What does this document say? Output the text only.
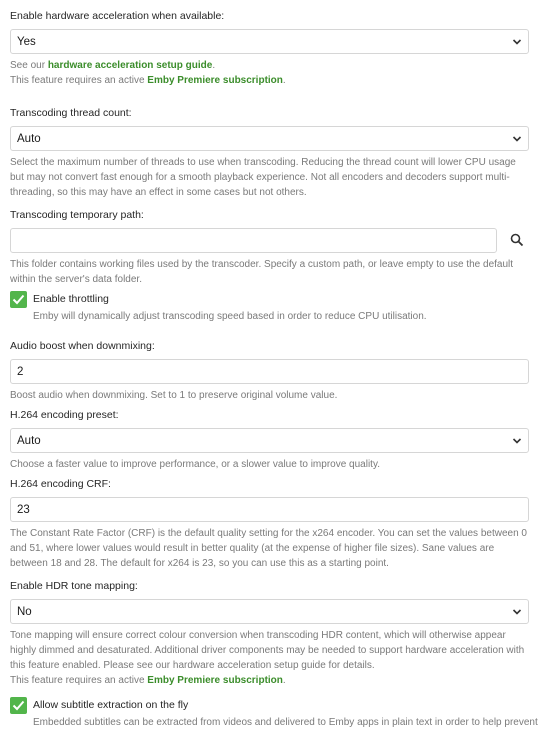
Enable hardware acceleration when available:
Yes
See our hardware acceleration setup guide.
This feature requires an active Emby Premiere subscription.
Transcoding thread count:
Auto
Select the maximum number of threads to use when transcoding. Reducing the thread count will lower CPU usage but may not convert fast enough for a smooth playback experience. Not all encoders and decoders support multi-threading, so this may have an effect in some cases but not others.
Transcoding temporary path:
This folder contains working files used by the transcoder. Specify a custom path, or leave empty to use the default within the server's data folder.
Enable throttling
Emby will dynamically adjust transcoding speed based in order to reduce CPU utilisation.
Audio boost when downmixing:
2
Boost audio when downmixing. Set to 1 to preserve original volume value.
H.264 encoding preset:
Auto
Choose a faster value to improve performance, or a slower value to improve quality.
H.264 encoding CRF:
23
The Constant Rate Factor (CRF) is the default quality setting for the x264 encoder. You can set the values between 0 and 51, where lower values would result in better quality (at the expense of higher file sizes). Sane values are between 18 and 28. The default for x264 is 23, so you can use this as a starting point.
Enable HDR tone mapping:
No
Tone mapping will ensure correct colour conversion when transcoding HDR content, which will otherwise appear highly dimmed and desaturated. Additional driver components may be needed to support hardware acceleration with this feature enabled. Please see our hardware acceleration setup guide for details.
This feature requires an active Emby Premiere subscription.
Allow subtitle extraction on the fly
Embedded subtitles can be extracted from videos and delivered to Emby apps in plain text in order to help prevent
